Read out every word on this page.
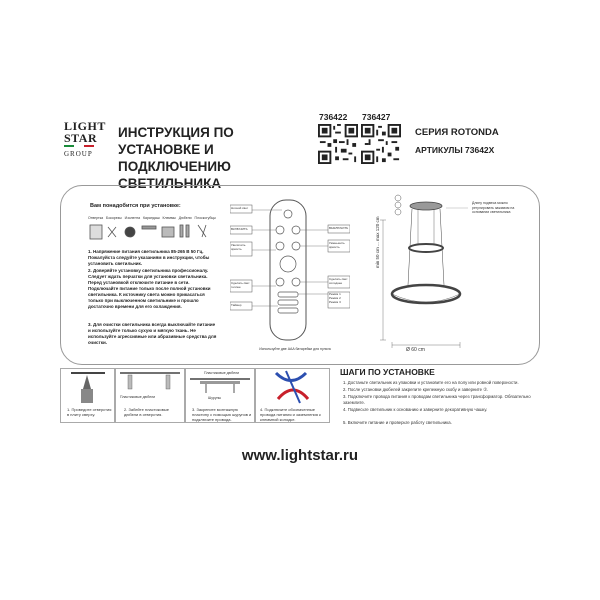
LIGHT
STAR
GROUP
ИНСТРУКЦИЯ ПО УСТАНОВКЕ И
ПОДКЛЮЧЕНИЮ СВЕТИЛЬНИКА
736422 736427
СЕРИЯ ROTONDA
АРТИКУЛЫ 73642X
Вам понадобится при установке:
Отвертка Бокорезы Изолента Карандаш Клеммы Дюбели Плоскогубцы
1. Напряжение питания светильника 85-265 В 50 Гц. Пожалуйста следуйте указаниям в инструкции, чтобы установить светильник.
2. Доверяйте установку светильника профессионалу. Следует ждать перчатки для установки светильника. Перед установкой отключите питание в сети. Подключайте питание только после полной установки светильника. К источнику света можно прикасаться только при выключенном светильнике и прошло достаточно времени для его охлаждения.
3. Для очистки светильника всегда выключайте питание и используйте только сухую и мягкую ткань. Не используйте агрессивные или абразивные средства для очистки.
Ночной свет
ВКЛЮЧИТЬ
Увеличить яркость
Сделать свет теплее
Таймер
ВЫКЛЮЧИТЬ
Уменьшить яркость
Сделать свет холоднее
Режим 1
Режим 2
Режим 3
Используйте две AAA батарейки для пульта
min 50 cm ... max 120 cm
Ø 60 cm
Длину подвеса можно регулировать зажимом на основании светильника
1. Проведите отверстия в плиту сверху.
Пластиковые дюбели
2. Забейте пластиковые дюбели в отверстия.
Пластиковые дюбели
Шурупы
3. Закрепите монтажную пластину с помощью шурупов и подключите провода.
4. Подключите обозначенные провода питания и заземления к клеммной колодке.
ШАГИ ПО УСТАНОВКЕ
1. Достаньте светильник из упаковки и установите его на полу или ровной поверхности.
2. После установки дюбелей закрепите крепежную скобу и заверните ②.
3. Подключите провода питания к проводам светильника через трансформатор. Обязательно заземлите.
4. Подвесьте светильник к основанию и заверните декоративную чашку.
5. Включите питание и проверьте работу светильника.
www.lightstar.ru
